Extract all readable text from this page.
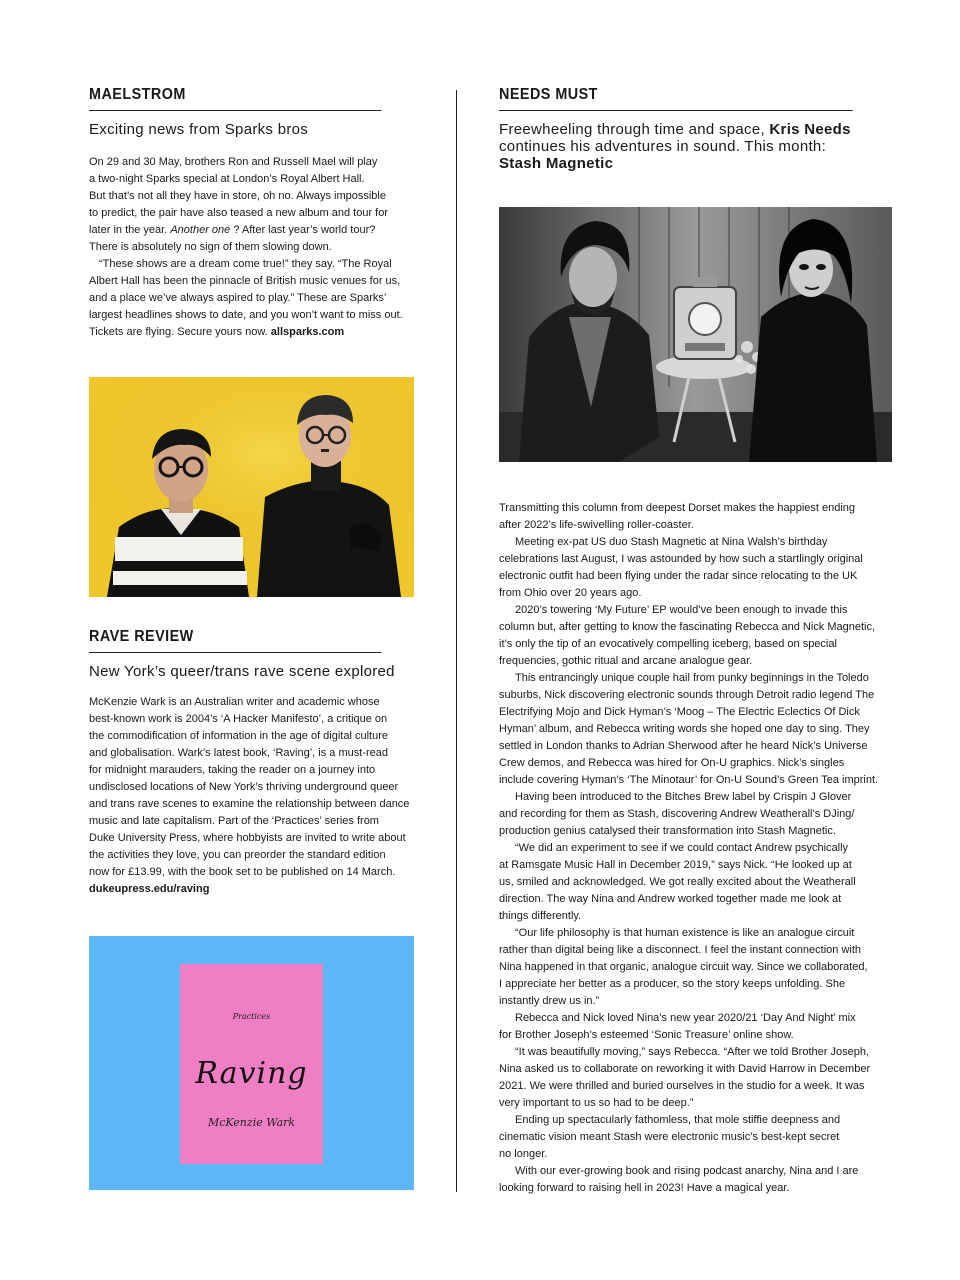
MAELSTROM

Exciting news from Sparks bros

On 29 and 30 May, brothers Ron and Russell Mael will play
a two-night Sparks special at London’s Royal Albert Hall.
But that’s not all they have in store, oh no. Always impossible
to predict, the pair have also teased a new album and tour for
later in the year. Another one ? After last year’s world tour?
There is absolutely no sign of them slowing down.
“These shows are a dream come true!” they say. “The Royal
Albert Hall has been the pinnacle of British music venues for us,
and a place we’ve always aspired to play.” These are Sparks’
largest headlines shows to date, and you won’t want to miss out.
Tickets are flying. Secure yours now. allsparks.com
RAVE REVIEW

New York’s queer/trans rave scene explored

McKenzie Wark is an Australian writer and academic whose
best-known work is 2004’s ‘A Hacker Manifesto’, a critique on
the commodification of information in the age of digital culture
and globalisation. Wark’s latest book, ‘Raving’, is a must-read
for midnight marauders, taking the reader on a journey into
undisclosed locations of New York’s thriving underground queer
and trans rave scenes to examine the relationship between dance
music and late capitalism. Part of the ‘Practices’ series from
Duke University Press, where hobbyists are invited to write about
the activities they love, you can preorder the standard edition
now for £13.99, with the book set to be published on 14 March.
dukeupress.edu/raving
Practices
Raving
McKenzie Wark
NEEDS MUST

Freewheeling through time and space, Kris Needs continues his adventures in sound. This month:
Stash Magnetic

Transmitting this column from deepest Dorset makes the happiest ending
after 2022’s life-swivelling roller-coaster.
Meeting ex-pat US duo Stash Magnetic at Nina Walsh’s birthday
celebrations last August, I was astounded by how such a startlingly original
electronic outfit had been flying under the radar since relocating to the UK
from Ohio over 20 years ago.
2020’s towering ‘My Future’ EP would’ve been enough to invade this
column but, after getting to know the fascinating Rebecca and Nick Magnetic,
it’s only the tip of an evocatively compelling iceberg, based on special
frequencies, gothic ritual and arcane analogue gear.
This entrancingly unique couple hail from punky beginnings in the Toledo
suburbs, Nick discovering electronic sounds through Detroit radio legend The
Electrifying Mojo and Dick Hyman’s ‘Moog – The Electric Eclectics Of Dick
Hyman’ album, and Rebecca writing words she hoped one day to sing. They
settled in London thanks to Adrian Sherwood after he heard Nick’s Universe
Crew demos, and Rebecca was hired for On-U graphics. Nick’s singles
include covering Hyman’s ‘The Minotaur’ for On-U Sound’s Green Tea imprint.
Having been introduced to the Bitches Brew label by Crispin J Glover
and recording for them as Stash, discovering Andrew Weatherall’s DJing/
production genius catalysed their transformation into Stash Magnetic.
“We did an experiment to see if we could contact Andrew psychically
at Ramsgate Music Hall in December 2019,” says Nick. “He looked up at
us, smiled and acknowledged. We got really excited about the Weatherall
direction. The way Nina and Andrew worked together made me look at
things differently.
“Our life philosophy is that human existence is like an analogue circuit
rather than digital being like a disconnect. I feel the instant connection with
Nina happened in that organic, analogue circuit way. Since we collaborated,
I appreciate her better as a producer, so the story keeps unfolding. She
instantly drew us in.”
Rebecca and Nick loved Nina’s new year 2020/21 ‘Day And Night’ mix
for Brother Joseph’s esteemed ‘Sonic Treasure’ online show.
“It was beautifully moving,” says Rebecca. “After we told Brother Joseph,
Nina asked us to collaborate on reworking it with David Harrow in December
2021. We were thrilled and buried ourselves in the studio for a week. It was
very important to us so had to be deep.”
Ending up spectacularly fathomless, that mole stiffie deepness and
cinematic vision meant Stash were electronic music’s best-kept secret
no longer.
With our ever-growing book and rising podcast anarchy, Nina and I are
looking forward to raising hell in 2023! Have a magical year.
